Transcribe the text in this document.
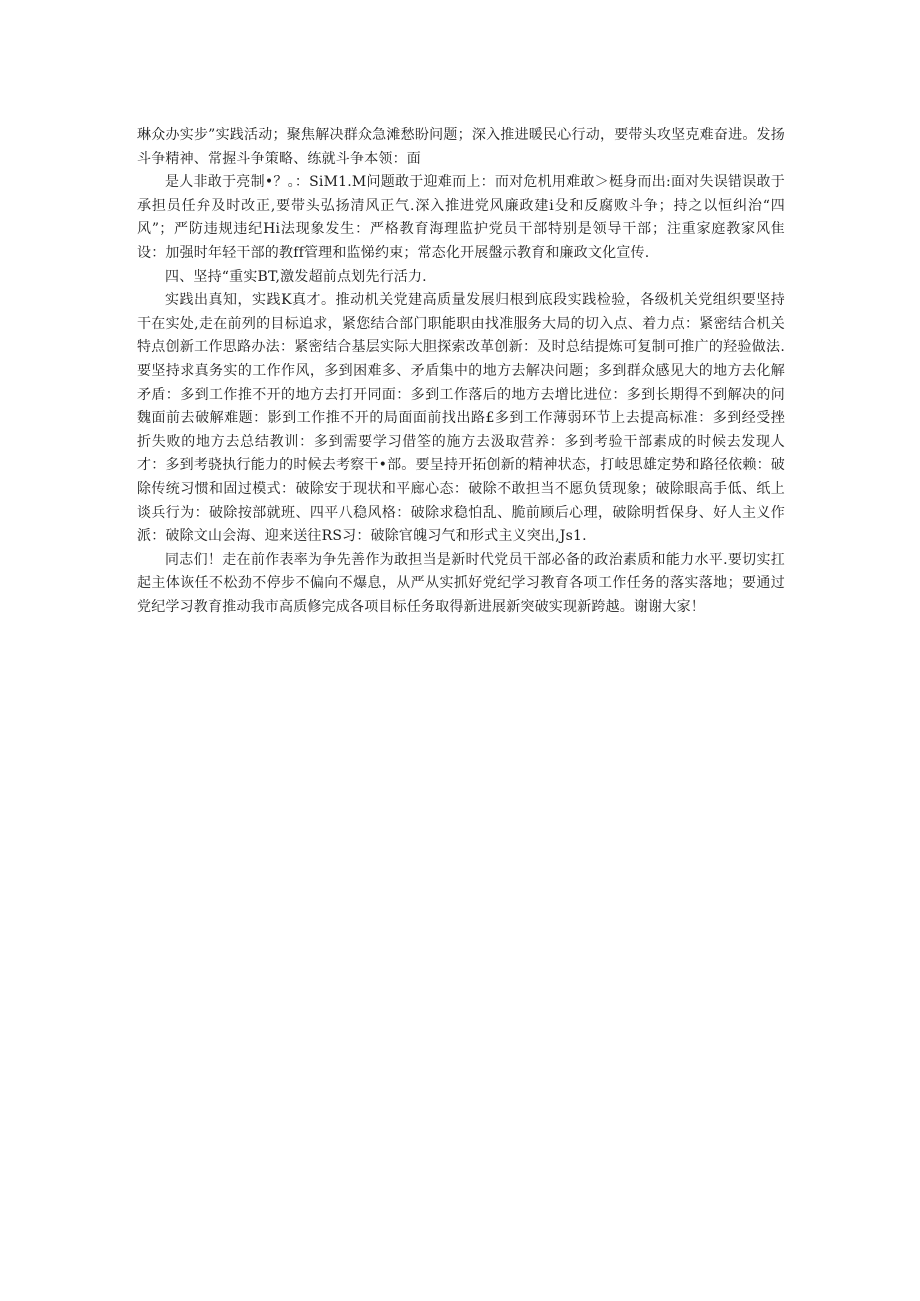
琳众办实步”实践活动；聚焦解决群众急滩愁盼问题；深入推进暖民心行动，要带头攻坚克难奋进。发扬斗争精神、常握斗争策略、练就斗争本领：面

是人非敢于亮制•？。：SiM1.M问题敢于迎难而上：而对危机用难敢＞梃身而出:面对失误错误敢于承担员任弁及时改正,要带头弘扬清风正气.深入推进党风廉政建i殳和反腐败斗争；持之以恒纠治“四风”；严防违规违纪Hi法现象发生：严格教育海理监护党员干部特别是领导干部；注重家庭教家风隹设：加强时年轻干部的教ff管理和监悌约束；常态化开展盤示教育和廉政文化宣传.

四、坚持“重实BT,激发超前点划先行活力.

实践出真知，实践K真才。推动机关党建高质量发展归根到底段实践检验，各级机关党组织要坚持干在实处,走在前列的目标追求，紧您结合部门职能职由找准服务大局的切入点、着力点：紧密结合机关特点创新工作思路办法：紧密结合基层实际大胆探索改革创新：及时总结提炼可复制可推广的羟验做法.要坚持求真务实的工作作风，多到困难多、矛盾集中的地方去解决问题；多到群众感见大的地方去化解矛盾：多到工作推不开的地方去打开同面：多到工作落后的地方去增比进位：多到长期得不到解决的问魏面前去破解难题：影到工作推不开的局面面前找出路£多到工作薄弱环节上去提高标准：多到经受挫折失败的地方去总结教训：多到需要学习借筌的施方去汲取营养：多到考验干部素成的时候去发现人才：多到考骁执行能力的时候去考察干•部。要呈持开拓创新的精神状态，打岐思雄定势和路径依赖：破除传统习惯和固过模式：破除安于现状和平廊心态：破除不敢担当不愿负赁现象；破除眼高手低、纸上谈兵行为：破除按部就班、四平八稳风格：破除求稳怕乱、脆前顾后心理，破除明哲保身、好人主义作派：破除文山会海、迎来送往RS习：破除官魄习气和形式主义突出,Js1.

同志们！走在前作表率为争先善作为敢担当是新时代党员干部必备的政治素质和能力水平.要切实扛起主体诙任不松劲不停步不偏向不爆息，从严从实抓好党纪学习教育各项工作任务的落实落地；要通过党纪学习教育推动我市高质修完成各项目标任务取得新进展新突破实现新跨越。谢谢大家！
